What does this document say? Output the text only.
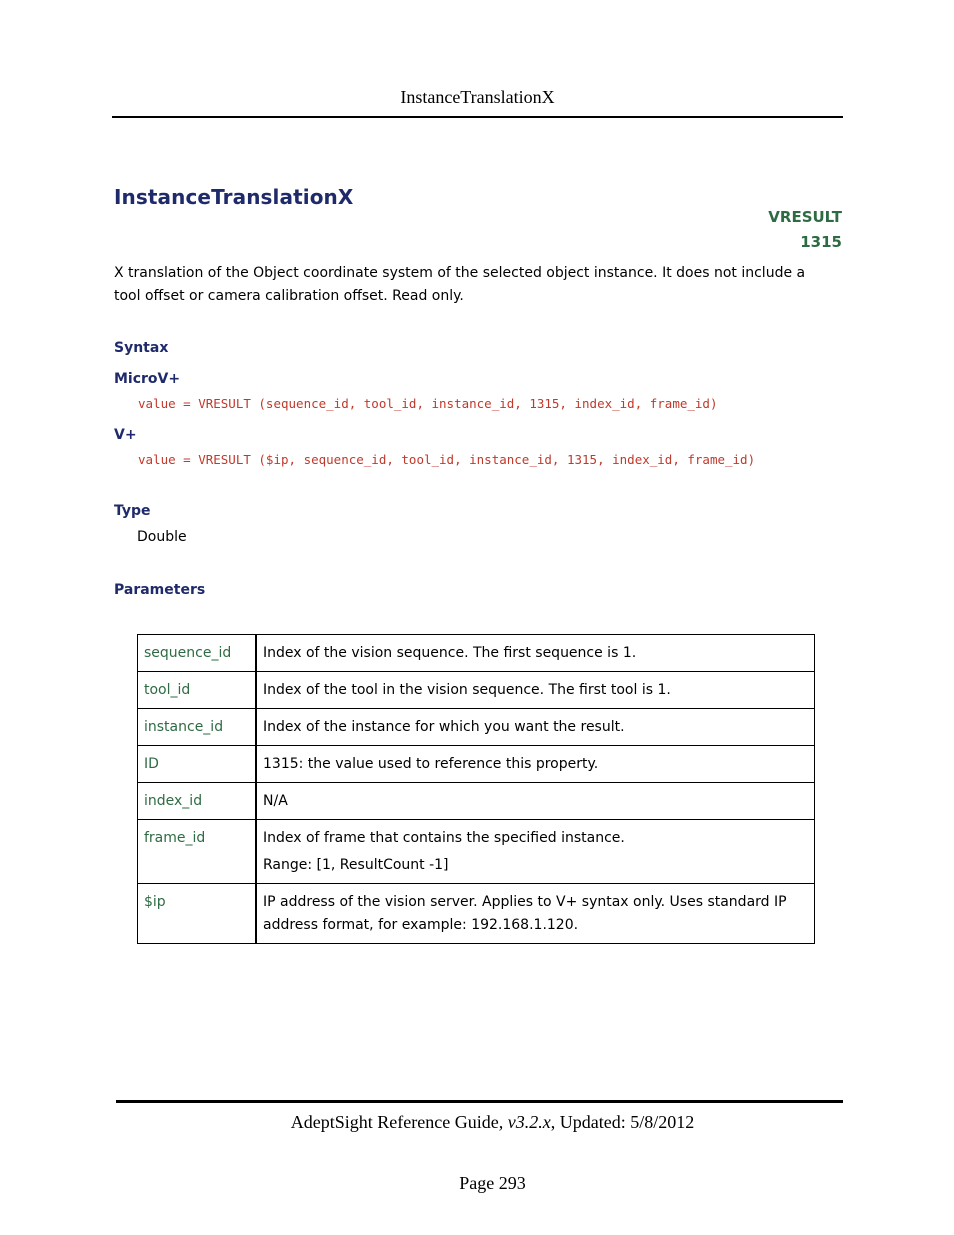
InstanceTranslationX
InstanceTranslationX
VRESULT
1315
X translation of the Object coordinate system of the selected object instance. It does not include a tool offset or camera calibration offset. Read only.
Syntax
MicroV+
value = VRESULT (sequence_id, tool_id, instance_id, 1315, index_id, frame_id)
V+
value = VRESULT ($ip, sequence_id, tool_id, instance_id, 1315, index_id, frame_id)
Type
Double
Parameters
sequence_id	Index of the vision sequence. The first sequence is 1.
tool_id	Index of the tool in the vision sequence. The first tool is 1.
instance_id	Index of the instance for which you want the result.
ID	1315: the value used to reference this property.
index_id	N/A
frame_id	Index of frame that contains the specified instance.
Range: [1, ResultCount -1]

$ip	IP address of the vision server. Applies to V+ syntax only. Uses standard IP address format, for example: 192.168.1.120.
AdeptSight Reference Guide, v3.2.x, Updated: 5/8/2012
Page 293
